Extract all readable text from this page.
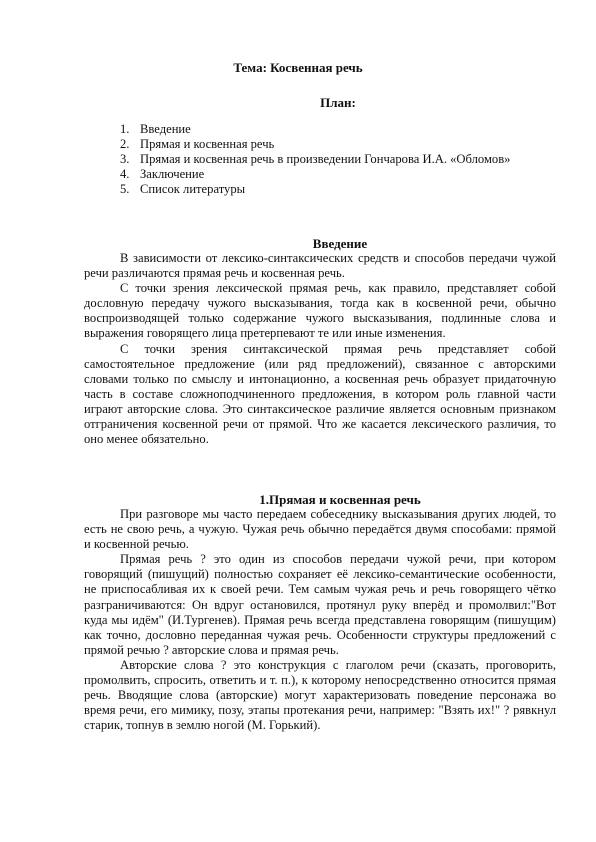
Тема: Косвенная речь
План:
1. Введение
2. Прямая и косвенная речь
3. Прямая и косвенная речь в произведении Гончарова И.А. «Обломов»
4. Заключение
5. Список литературы
Введение

В зависимости от лексико-синтаксических средств и способов передачи чужой речи различаются прямая речь и косвенная речь.

С точки зрения лексической прямая речь, как правило, представляет собой дословную передачу чужого высказывания, тогда как в косвенной речи, обычно воспроизводящей только содержание чужого высказывания, подлинные слова и выражения говорящего лица претерпевают те или иные изменения.

С точки зрения синтаксической прямая речь представляет собой самостоятельное предложение (или ряд предложений), связанное с авторскими словами только по смыслу и интонационно, а косвенная речь образует придаточную часть в составе сложноподчиненного предложения, в котором роль главной части играют авторские слова. Это синтаксическое различие является основным признаком отграничения косвенной речи от прямой. Что же касается лексического различия, то оно менее обязательно.

1.Прямая и косвенная речь

При разговоре мы часто передаем собеседнику высказывания других людей, то есть не свою речь, а чужую. Чужая речь обычно передаётся двумя способами: прямой и косвенной речью.

Прямая речь ? это один из способов передачи чужой речи, при котором говорящий (пишущий) полностью сохраняет её лексико-семантические особенности, не приспосабливая их к своей речи. Тем самым чужая речь и речь говорящего чётко разграничиваются: Он вдруг остановился, протянул руку вперёд и промолвил:"Вот куда мы идём" (И.Тургенев). Прямая речь всегда представлена говорящим (пишущим) как точно, дословно переданная чужая речь. Особенности структуры предложений с прямой речью ? авторские слова и прямая речь.

Авторские слова ? это конструкция с глаголом речи (сказать, проговорить, промолвить, спросить, ответить и т. п.), к которому непосредственно относится прямая речь. Вводящие слова (авторские) могут характеризовать поведение персонажа во время речи, его мимику, позу, этапы протекания речи, например: "Взять их!" ? рявкнул старик, топнув в землю ногой (М. Горький).
